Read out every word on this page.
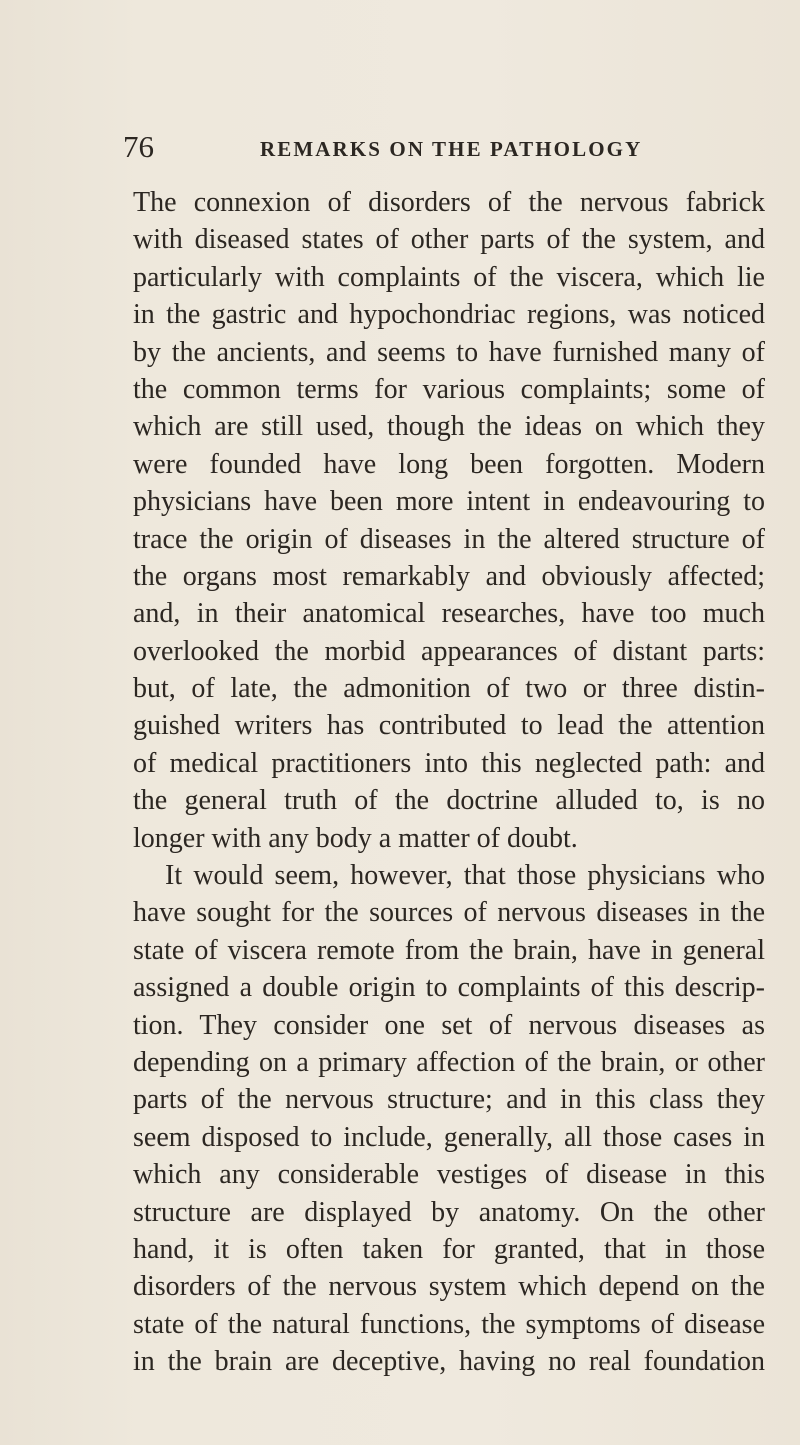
76	REMARKS ON THE PATHOLOGY
The connexion of disorders of the nervous fabrick
with diseased states of other parts of the system, and
particularly with complaints of the viscera, which lie
in the gastric and hypochondriac regions, was noticed
by the ancients, and seems to have furnished many of
the common terms for various complaints; some of
which are still used, though the ideas on which they
were founded have long been forgotten. Modern
physicians have been more intent in endeavouring to
trace the origin of diseases in the altered structure of
the organs most remarkably and obviously affected;
and, in their anatomical researches, have too much
overlooked the morbid appearances of distant parts:
but, of late, the admonition of two or three distin-
guished writers has contributed to lead the attention
of medical practitioners into this neglected path: and
the general truth of the doctrine alluded to, is no
longer with any body a matter of doubt.
It would seem, however, that those physicians who
have sought for the sources of nervous diseases in the
state of viscera remote from the brain, have in general
assigned a double origin to complaints of this descrip-
tion. They consider one set of nervous diseases as
depending on a primary affection of the brain, or other
parts of the nervous structure; and in this class they
seem disposed to include, generally, all those cases in
which any considerable vestiges of disease in this
structure are displayed by anatomy. On the other
hand, it is often taken for granted, that in those
disorders of the nervous system which depend on the
state of the natural functions, the symptoms of disease
in the brain are deceptive, having no real foundation
